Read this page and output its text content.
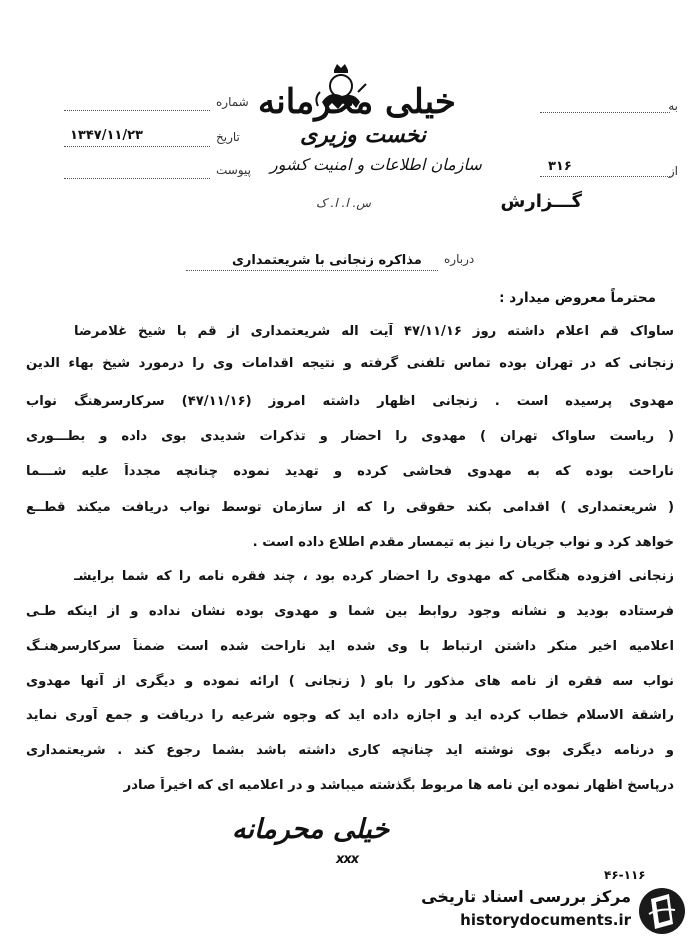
به
از
۳۱۶
گـــزارش
شماره
تاریخ
۱۳۴۷/۱۱/۲۳
پیوست
خیلی محرمانه
نخست وزیری
سازمان اطلاعات و امنیت کشور
س. ا. ا. ک
درباره
مذاکره زنجانی با شریعتمداری
محترماً معروض میدارد :
ساواک قم اعلام داشته روز ۴۷/۱۱/۱۶ آیت اله شریعتمداری از قم با شیخ غلامرضا
زنجانی که در تهران بوده تماس تلفنی گرفته و نتیجه اقدامات وی را درمورد شیخ بهاء الدین
مهدوی پرسیده است . زنجانی اظهار داشته امروز (۴۷/۱۱/۱۶) سرکارسرهنگ نواب
( ریاست ساواک تهران ) مهدوی را احضار و تذکرات شدیدی بوی داده و بطـــوری
ناراحت بوده که به مهدوی فحاشی کرده و تهدید نموده چنانچه مجدداً علیه شـــما
( شریعتمداری ) اقدامی بکند حقوقی را که از سازمان توسط نواب دریافت میکند قطــع
خواهد کرد و نواب جریان را نیز به تیمسار مقدم اطلاع داده است .
زنجانی افزوده هنگامی که مهدوی را احضار کرده بود ، چند فقره نامه را که شما برایشـ
فرستاده بودید و نشانه وجود روابط بین شما و مهدوی بوده نشان نداده و از اینکه طـی
اعلامیه اخیر منکر داشتن ارتباط با وی شده اید ناراحت شده است ضمناً سرکارسرهنـگ
نواب سه فقره از نامه های مذکور را باو ( زنجانی ) ارائه نموده و دیگری از آنها مهدوی
راشقة الاسلام خطاب کرده اید و اجازه داده اید که وجوه شرعیه را دریافت و جمع آوری نماید
و درنامه دیگری بوی نوشته اید چنانچه کاری داشته باشد بشما رجوع کند . شریعتمداری
درپاسخ اظهار نموده این نامه ها مربوط بگذشته میباشد و در اعلامیه ای که اخیراً صادر
خیلی محرمانه
xxx
۴۶-۱۱۶
مرکز بررسی اسناد تاریخی
historydocuments.ir
